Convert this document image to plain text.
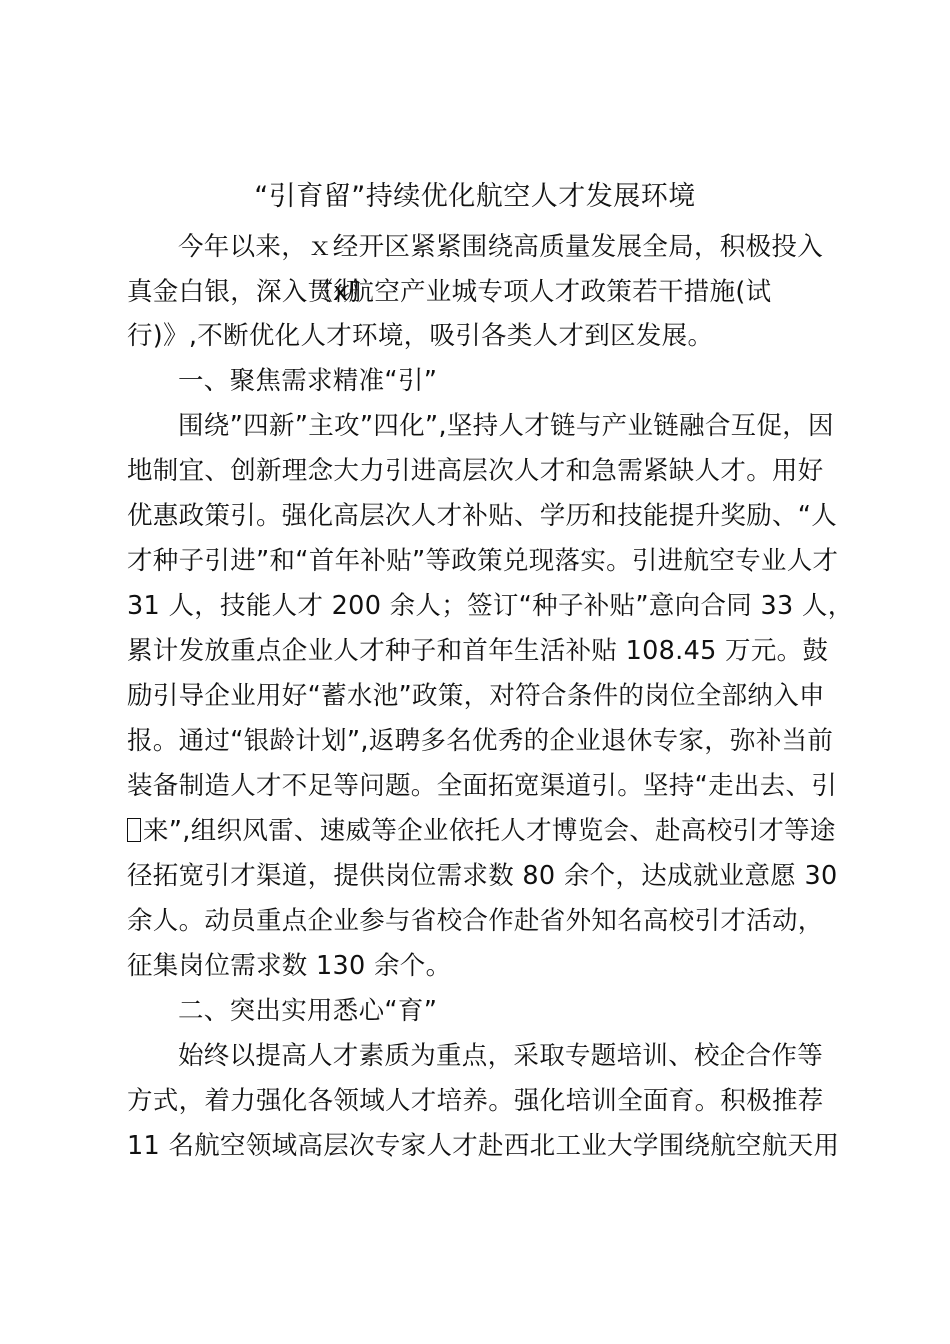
“引育留”持续优化航空人才发展环境
今年以来，ｘ经开区紧紧围绕高质量发展全局，积极投入
真金白银，深入贯彻《x航空产业城专项人才政策若干措施(试
行)》,不断优化人才环境，吸引各类人才到区发展。
一、聚焦需求精准“引”
围绕”四新”主攻”四化”,坚持人才链与产业链融合互促，因
地制宜、创新理念大力引进高层次人才和急需紧缺人才。用好
优惠政策引。强化高层次人才补贴、学历和技能提升奖励、“人
才种子引进”和“首年补贴”等政策兑现落实。引进航空专业人才
31 人，技能人才 200 余人；签订“种子补贴”意向合同 33 人，
累计发放重点企业人才种子和首年生活补贴 108.45 万元。鼓
励引导企业用好“蓄水池”政策，对符合条件的岗位全部纳入申
报。通过“银龄计划”,返聘多名优秀的企业退休专家，弥补当前
装备制造人才不足等问题。全面拓宽渠道引。坚持“走出去、引
来”,组织风雷、速威等企业依托人才博览会、赴高校引才等途
径拓宽引才渠道，提供岗位需求数 80 余个，达成就业意愿 30
余人。动员重点企业参与省校合作赴省外知名高校引才活动，
征集岗位需求数 130 余个。
二、突出实用悉心“育”
始终以提高人才素质为重点，采取专题培训、校企合作等
方式，着力强化各领域人才培养。强化培训全面育。积极推荐
11 名航空领域高层次专家人才赴西北工业大学围绕航空航天用
